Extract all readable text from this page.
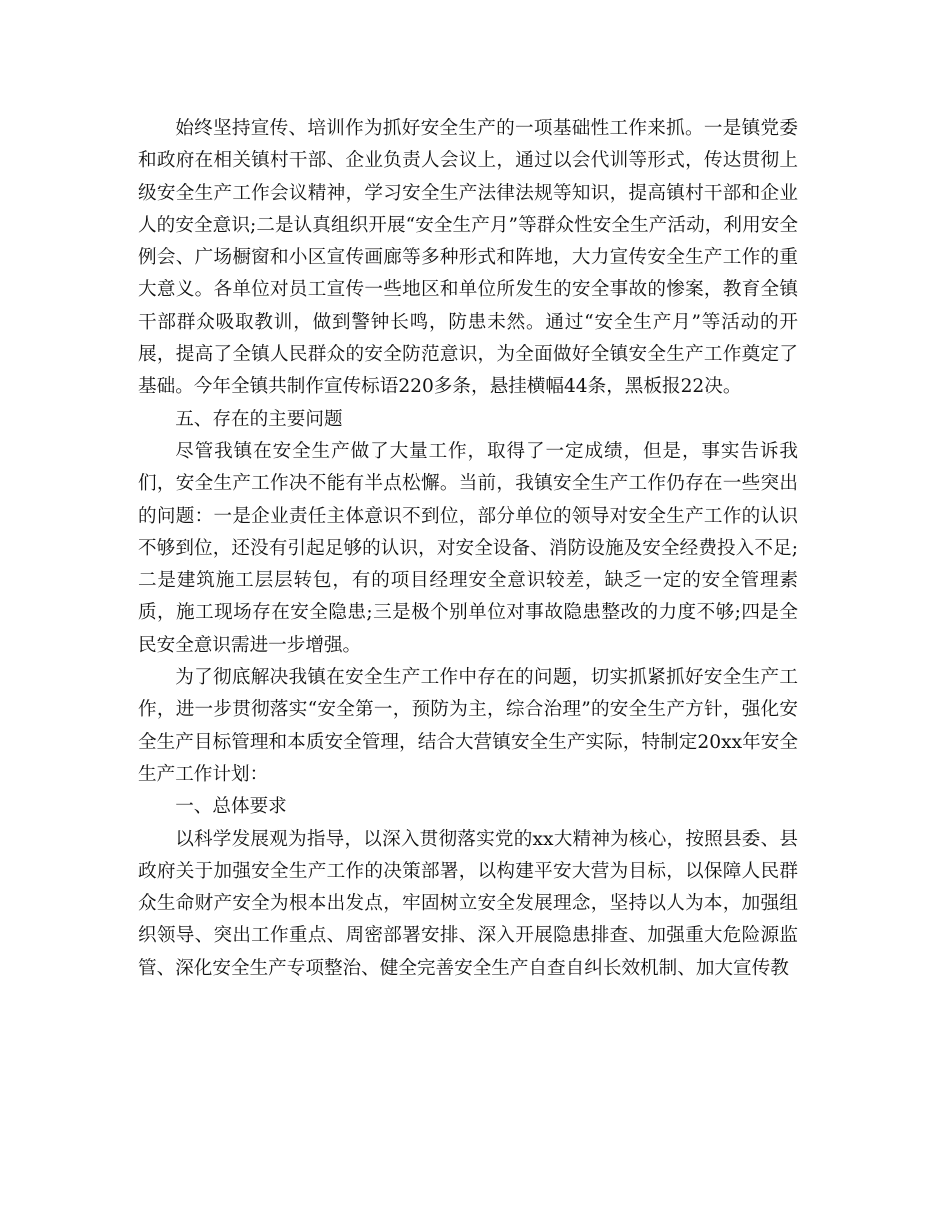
始终坚持宣传、培训作为抓好安全生产的一项基础性工作来抓。一是镇党委和政府在相关镇村干部、企业负责人会议上，通过以会代训等形式，传达贯彻上级安全生产工作会议精神，学习安全生产法律法规等知识，提高镇村干部和企业人的安全意识;二是认真组织开展“安全生产月”等群众性安全生产活动，利用安全例会、广场橱窗和小区宣传画廊等多种形式和阵地，大力宣传安全生产工作的重大意义。各单位对员工宣传一些地区和单位所发生的安全事故的惨案，教育全镇干部群众吸取教训，做到警钟长鸣，防患未然。通过“安全生产月”等活动的开展，提高了全镇人民群众的安全防范意识，为全面做好全镇安全生产工作奠定了基础。今年全镇共制作宣传标语220多条，悬挂横幅44条，黑板报22决。

五、存在的主要问题

尽管我镇在安全生产做了大量工作，取得了一定成绩，但是，事实告诉我们，安全生产工作决不能有半点松懈。当前，我镇安全生产工作仍存在一些突出的问题：一是企业责任主体意识不到位，部分单位的领导对安全生产工作的认识不够到位，还没有引起足够的认识，对安全设备、消防设施及安全经费投入不足;二是建筑施工层层转包，有的项目经理安全意识较差，缺乏一定的安全管理素质，施工现场存在安全隐患;三是极个别单位对事故隐患整改的力度不够;四是全民安全意识需进一步增强。

为了彻底解决我镇在安全生产工作中存在的问题，切实抓紧抓好安全生产工作，进一步贯彻落实“安全第一，预防为主，综合治理”的安全生产方针，强化安全生产目标管理和本质安全管理，结合大营镇安全生产实际，特制定20xx年安全生产工作计划：

一、总体要求

以科学发展观为指导，以深入贯彻落实党的xx大精神为核心，按照县委、县政府关于加强安全生产工作的决策部署，以构建平安大营为目标，以保障人民群众生命财产安全为根本出发点，牢固树立安全发展理念，坚持以人为本，加强组织领导、突出工作重点、周密部署安排、深入开展隐患排查、加强重大危险源监管、深化安全生产专项整治、健全完善安全生产自查自纠长效机制、加大宣传教
